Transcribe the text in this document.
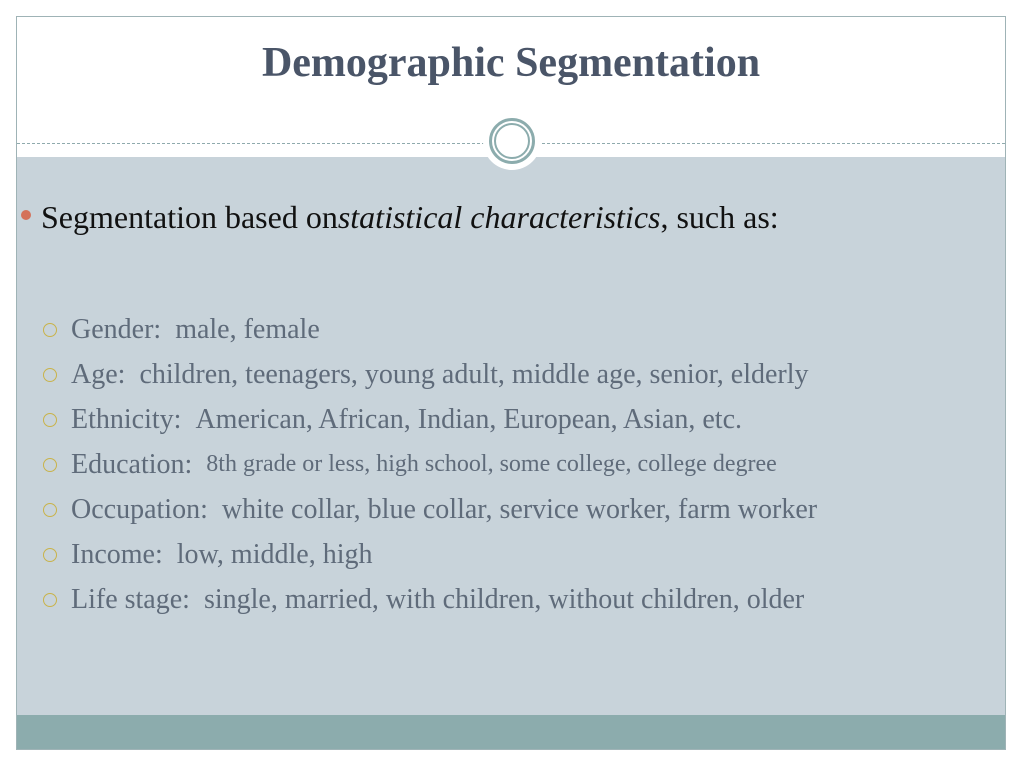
Demographic Segmentation
Segmentation based on statistical characteristics , such as:
Gender:
male, female
Age:
children, teenagers, young adult, middle age, senior, elderly
Ethnicity:
American, African, Indian, European, Asian, etc.
Education:
8th grade or less, high school, some college, college degree
Occupation:
white collar, blue collar, service worker, farm worker
Income:
low, middle, high
Life stage:
single, married, with children, without children, older
